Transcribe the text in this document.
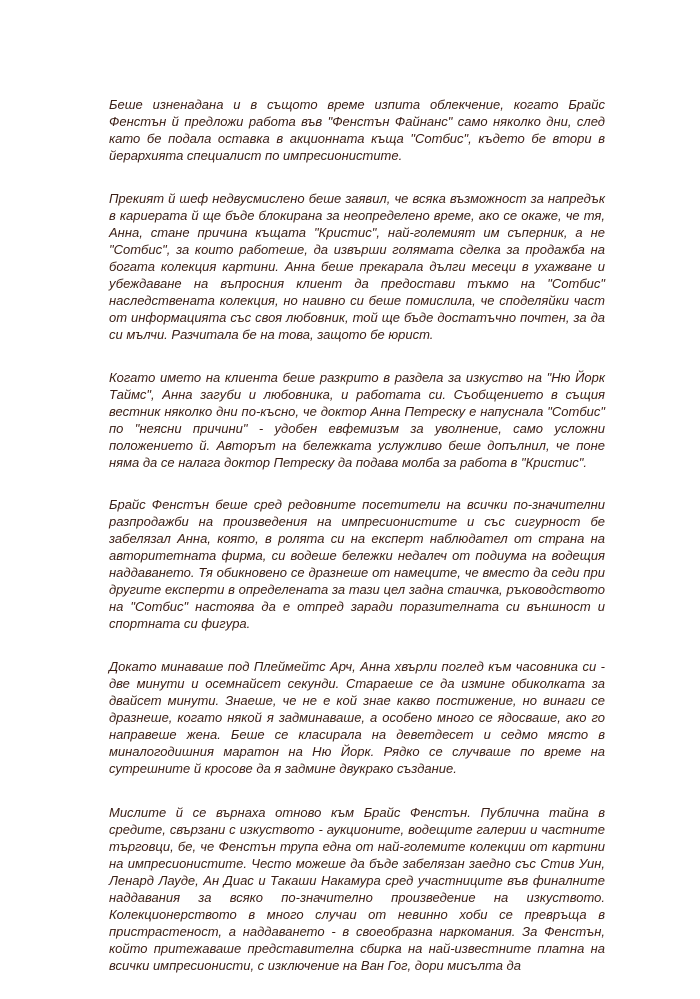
Беше изненадана и в същото време изпита облекчение, когато Брайс Фенстън й предложи работа във "Фенстън Файнанс" само няколко дни, след като бе подала оставка в акционната къща "Сотбис", където бе втори в йерархията специалист по импресионистите.

Прекият й шеф недвусмислено беше заявил, че всяка възможност за напредък в кариерата й ще бъде блокирана за неопределено време, ако се окаже, че тя, Анна, стане причина къщата "Кристис", най-големият им съперник, а не "Сотбис", за които работеше, да извърши голямата сделка за продажба на богата колекция картини. Анна беше прекарала дълги месеци в ухажване и убеждаване на въпросния клиент да предостави тъкмо на "Сотбис" наследствената колекция, но наивно си беше помислила, че споделяйки част от информацията със своя любовник, той ще бъде достатъчно почтен, за да си мълчи. Разчитала бе на това, защото бе юрист.

Когато името на клиента беше разкрито в раздела за изкуство на "Ню Йорк Таймс", Анна загуби и любовника, и работата си. Съобщението в същия вестник няколко дни по-късно, че доктор Анна Петреску е напуснала "Сотбис" по "неясни причини" - удобен евфемизъм за уволнение, само усложни положението й. Авторът на бележката услужливо беше допълнил, че поне няма да се налага доктор Петреску да подава молба за работа в "Кристис".

Брайс Фенстън беше сред редовните посетители на всички по-значителни разпродажби на произведения на импресионистите и със сигурност бе забелязал Анна, която, в ролята си на експерт наблюдател от страна на авторитетната фирма, си водеше бележки недалеч от подиума на водещия наддаването. Тя обикновено се дразнеше от намеците, че вместо да седи при другите експерти в определената за тази цел задна стаичка, ръководството на "Сотбис" настоява да е отпред заради поразителната си външност и спортната си фигура.

Докато минаваше под Плеймейтс Арч, Анна хвърли поглед към часовника си - две минути и осемнайсет секунди. Стараеше се да измине обиколката за двайсет минути. Знаеше, че не е кой знае какво постижение, но винаги се дразнеше, когато някой я задминаваше, а особено много се ядосваше, ако го направеше жена. Беше се класирала на деветдесет и седмо място в миналогодишния маратон на Ню Йорк. Рядко се случваше по време на сутрешните й кросове да я задмине двукрако създание.

Мислите й се върнаха отново към Брайс Фенстън. Публична тайна в средите, свързани с изкуството - аукционите, водещите галерии и частните търговци, бе, че Фенстън трупа една от най-големите колекции от картини на импресионистите. Често можеше да бъде забелязан заедно със Стив Уин, Ленард Лауде, Ан Диас и Такаши Накамура сред участниците във финалните наддавания за всяко по-значително произведение на изкуството. Колекционерството в много случаи от невинно хоби се превръща в пристрастеност, а наддаването - в своеобразна наркомания. За Фенстън, който притежаваше представителна сбирка на най-известните платна на всички импресионисти, с изключение на Ван Гог, дори мисълта да
